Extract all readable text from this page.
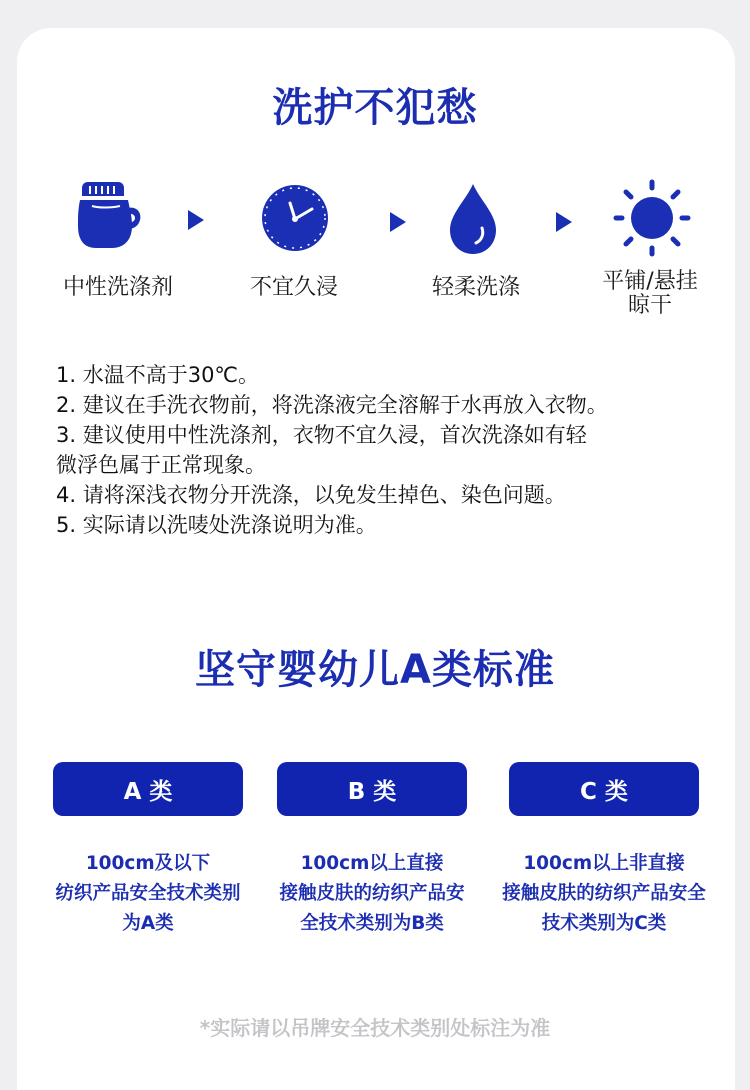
洗护不犯愁
中性洗涤剂	不宜久浸	轻柔洗涤	平铺/悬挂
晾干
1. 水温不高于30℃。
2. 建议在手洗衣物前，将洗涤液完全溶解于水再放入衣物。
3. 建议使用中性洗涤剂，衣物不宜久浸，首次洗涤如有轻
微浮色属于正常现象。
4. 请将深浅衣物分开洗涤，以免发生掉色、染色问题。
5. 实际请以洗唛处洗涤说明为准。
坚守婴幼儿A类标准
A 类	B 类	C 类
100cm及以下
纺织产品安全技术类别
为A类
100cm以上直接
接触皮肤的纺织产品安
全技术类别为B类
100cm以上非直接
接触皮肤的纺织产品安全
技术类别为C类
*实际请以吊牌安全技术类别处标注为准
